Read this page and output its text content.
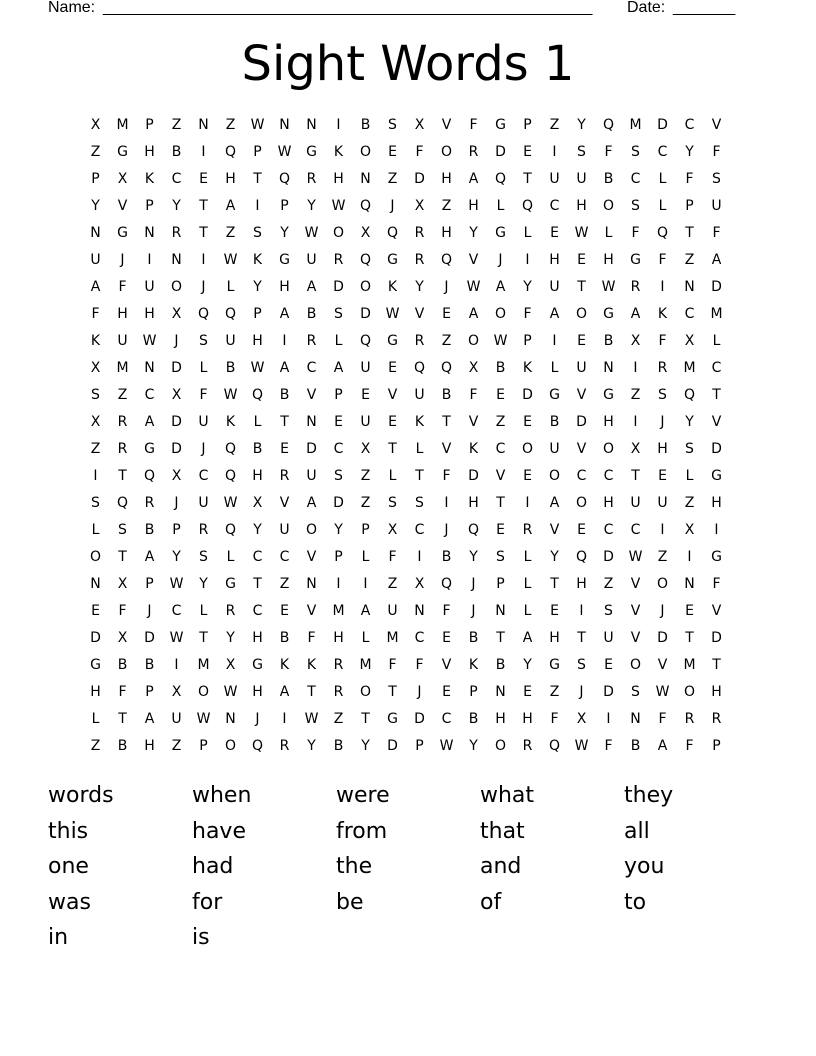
Name: _______________________________________________________ Date: _______
Sight Words 1
X	M	P	Z	N	Z	W	N	N	I	B	S	X	V	F	G	P	Z	Y	Q	M	D	C	V
Z	G	H	B	I	Q	P	W	G	K	O	E	F	O	R	D	E	I	S	F	S	C	Y	F
P	X	K	C	E	H	T	Q	R	H	N	Z	D	H	A	Q	T	U	U	B	C	L	F	S
Y	V	P	Y	T	A	I	P	Y	W	Q	J	X	Z	H	L	Q	C	H	O	S	L	P	U
N	G	N	R	T	Z	S	Y	W	O	X	Q	R	H	Y	G	L	E	W	L	F	Q	T	F
U	J	I	N	I	W	K	G	U	R	Q	G	R	Q	V	J	I	H	E	H	G	F	Z	A
A	F	U	O	J	L	Y	H	A	D	O	K	Y	J	W	A	Y	U	T	W	R	I	N	D
F	H	H	X	Q	Q	P	A	B	S	D	W	V	E	A	O	F	A	O	G	A	K	C	M
K	U	W	J	S	U	H	I	R	L	Q	G	R	Z	O	W	P	I	E	B	X	F	X	L
X	M	N	D	L	B	W	A	C	A	U	E	Q	Q	X	B	K	L	U	N	I	R	M	C
S	Z	C	X	F	W	Q	B	V	P	E	V	U	B	F	E	D	G	V	G	Z	S	Q	T
X	R	A	D	U	K	L	T	N	E	U	E	K	T	V	Z	E	B	D	H	I	J	Y	V
Z	R	G	D	J	Q	B	E	D	C	X	T	L	V	K	C	O	U	V	O	X	H	S	D
I	T	Q	X	C	Q	H	R	U	S	Z	L	T	F	D	V	E	O	C	C	T	E	L	G
S	Q	R	J	U	W	X	V	A	D	Z	S	S	I	H	T	I	A	O	H	U	U	Z	H
L	S	B	P	R	Q	Y	U	O	Y	P	X	C	J	Q	E	R	V	E	C	C	I	X	I
O	T	A	Y	S	L	C	C	V	P	L	F	I	B	Y	S	L	Y	Q	D	W	Z	I	G
N	X	P	W	Y	G	T	Z	N	I	I	Z	X	Q	J	P	L	T	H	Z	V	O	N	F
E	F	J	C	L	R	C	E	V	M	A	U	N	F	J	N	L	E	I	S	V	J	E	V
D	X	D	W	T	Y	H	B	F	H	L	M	C	E	B	T	A	H	T	U	V	D	T	D
G	B	B	I	M	X	G	K	K	R	M	F	F	V	K	B	Y	G	S	E	O	V	M	T
H	F	P	X	O	W	H	A	T	R	O	T	J	E	P	N	E	Z	J	D	S	W	O	H
L	T	A	U	W	N	J	I	W	Z	T	G	D	C	B	H	H	F	X	I	N	F	R	R
Z	B	H	Z	P	O	Q	R	Y	B	Y	D	P	W	Y	O	R	Q	W	F	B	A	F	P
words	when	were	what	they
this	have	from	that	all
one	had	the	and	you
was	for	be	of	to
in	is
